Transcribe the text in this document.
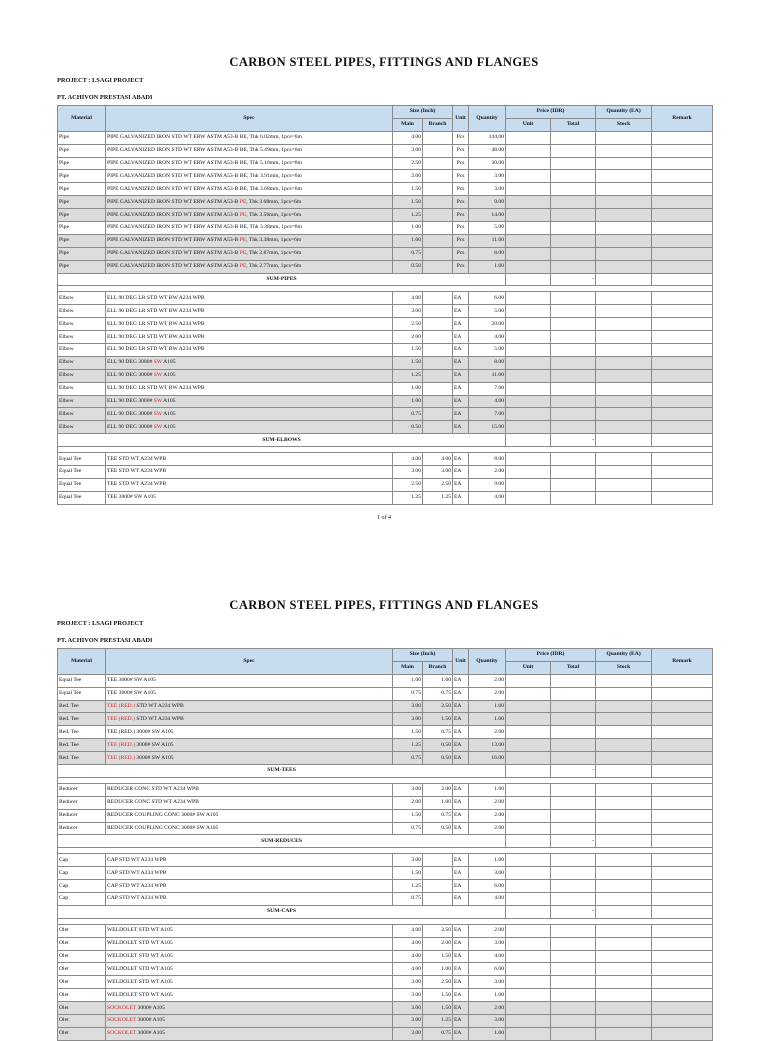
CARBON STEEL PIPES, FITTINGS AND FLANGES
PROJECT : LSAGI PROJECT
PT. ACHIVON PRESTASI ABADI
Material	Spec	Size (Inch)		Unit	Quantity	Price (IDR)		Quantity (EA)	Remark
		Main	Branch			Unit	Total	Stock	
Pipe	PIPE GALVANIZED IRON STD WT ERW ASTM A53-B BE, Thk 6.02mm, 1pcs=6m	4.00		Pcs	144.00				
Pipe	PIPE GALVANIZED IRON STD WT ERW ASTM A53-B BE, Thk 5.49mm, 1pcs=6m	3.00		Pcs	48.00				
Pipe	PIPE GALVANIZED IRON STD WT ERW ASTM A53-B BE, Thk 5.16mm, 1pcs=6m	2.50		Pcs	30.00				
Pipe	PIPE GALVANIZED IRON STD WT ERW ASTM A53-B BE, Thk 3.91mm, 1pcs=6m	2.00		Pcs	3.00				
Pipe	PIPE GALVANIZED IRON STD WT ERW ASTM A53-B BE, Thk 3.68mm, 1pcs=6m	1.50		Pcs	3.00				
Pipe	PIPE GALVANIZED IRON STD WT ERW ASTM A53-B PE, Thk 3.68mm, 1pcs=6m	1.50		Pcs	9.00				
Pipe	PIPE GALVANIZED IRON STD WT ERW ASTM A53-B PE, Thk 3.56mm, 1pcs=6m	1.25		Pcs	14.00				
Pipe	PIPE GALVANIZED IRON STD WT ERW ASTM A53-B BE, Thk 3.38mm, 1pcs=6m	1.00		Pcs	5.00				
Pipe	PIPE GALVANIZED IRON STD WT ERW ASTM A53-B PE, Thk 3.38mm, 1pcs=6m	1.00		Pcs	11.00				
Pipe	PIPE GALVANIZED IRON STD WT ERW ASTM A53-B PE, Thk 2.87mm, 1pcs=6m	0.75		Pcs	8.00				
Pipe	PIPE GALVANIZED IRON STD WT ERW ASTM A53-B PE, Thk 2.77mm, 1pcs=6m	0.50		Pcs	1.00				
SUM-PIPES							-		

Elbow	ELL 90 DEG LR STD WT BW A234 WPB	4.00		EA	6.00				
Elbow	ELL 90 DEG LR STD WT BW A234 WPB	3.00		EA	5.00				
Elbow	ELL 90 DEG LR STD WT BW A234 WPB	2.50		EA	20.00				
Elbow	ELL 90 DEG LR STD WT BW A234 WPB	2.00		EA	4.00				
Elbow	ELL 90 DEG LR STD WT BW A234 WPB	1.50		EA	5.00				
Elbow	ELL 90 DEG 3000# SW A105	1.50		EA	8.00				
Elbow	ELL 90 DEG 3000# SW A105	1.25		EA	11.00				
Elbow	ELL 90 DEG LR STD WT BW A234 WPB	1.00		EA	7.00				
Elbow	ELL 90 DEG 3000# SW A105	1.00		EA	4.00				
Elbow	ELL 90 DEG 3000# SW A105	0.75		EA	7.00				
Elbow	ELL 90 DEG 3000# SW A105	0.50		EA	15.00				
SUM-ELBOWS							-		

Equal Tee	TEE STD WT A234 WPB	4.00	4.00	EA	8.00				
Equal Tee	TEE STD WT A234 WPB	3.00	3.00	EA	2.00				
Equal Tee	TEE STD WT A234 WPB	2.50	2.50	EA	9.00				
Equal Tee	TEE 3000# SW A105	1.25	1.25	EA	4.00				
1 of 4
CARBON STEEL PIPES, FITTINGS AND FLANGES
PROJECT : LSAGI PROJECT
PT. ACHIVON PRESTASI ABADI
Material	Spec	Size (Inch)		Unit	Quantity	Price (IDR)		Quantity (EA)	Remark
		Main	Branch			Unit	Total	Stock	
Equal Tee	TEE 3000# SW A105	1.00	1.00	EA	2.00				
Equal Tee	TEE 3000# SW A105	0.75	0.75	EA	2.00				
Red. Tee	TEE (RED.) STD WT A234 WPB	3.00	2.50	EA	1.00				
Red. Tee	TEE (RED.) STD WT A234 WPB	3.00	1.50	EA	1.00				
Red. Tee	TEE (RED.) 3000# SW A105	1.50	0.75	EA	2.00				
Red. Tee	TEE (RED.) 3000# SW A105	1.25	0.50	EA	13.00				
Red. Tee	TEE (RED.) 3000# SW A105	0.75	0.50	EA	16.00				
SUM-TEES							-		

Reducer	REDUCER CONC STD WT A234 WPB	3.00	2.00	EA	1.00				
Reducer	REDUCER CONC STD WT A234 WPB	2.00	1.00	EA	2.00				
Reducer	REDUCER COUPLING CONC 3000# SW A105	1.50	0.75	EA	2.00				
Reducer	REDUCER COUPLING CONC 3000# SW A105	0.75	0.50	EA	2.00				
SUM-REDUCES							-		

Cap	CAP STD WT A234 WPB	3.00		EA	1.00				
Cap	CAP STD WT A234 WPB	1.50		EA	3.00				
Cap	CAP STD WT A234 WPB	1.25		EA	6.00				
Cap	CAP STD WT A234 WPB	0.75		EA	4.00				
SUM-CAPS							-		

Olet	WELDOLET STD WT A105	4.00	2.50	EA	2.00				
Olet	WELDOLET STD WT A105	4.00	2.00	EA	3.00				
Olet	WELDOLET STD WT A105	4.00	1.50	EA	4.00				
Olet	WELDOLET STD WT A105	4.00	1.00	EA	6.00				
Olet	WELDOLET STD WT A105	3.00	2.50	EA	3.00				
Olet	WELDOLET STD WT A105	3.00	1.50	EA	1.00				
Olet	SOCKOLET 3000# A105	3.00	1.50	EA	2.00				
Olet	SOCKOLET 3000# A105	3.00	1.25	EA	3.00				
Olet	SOCKOLET 3000# A105	3.00	0.75	EA	1.00				
